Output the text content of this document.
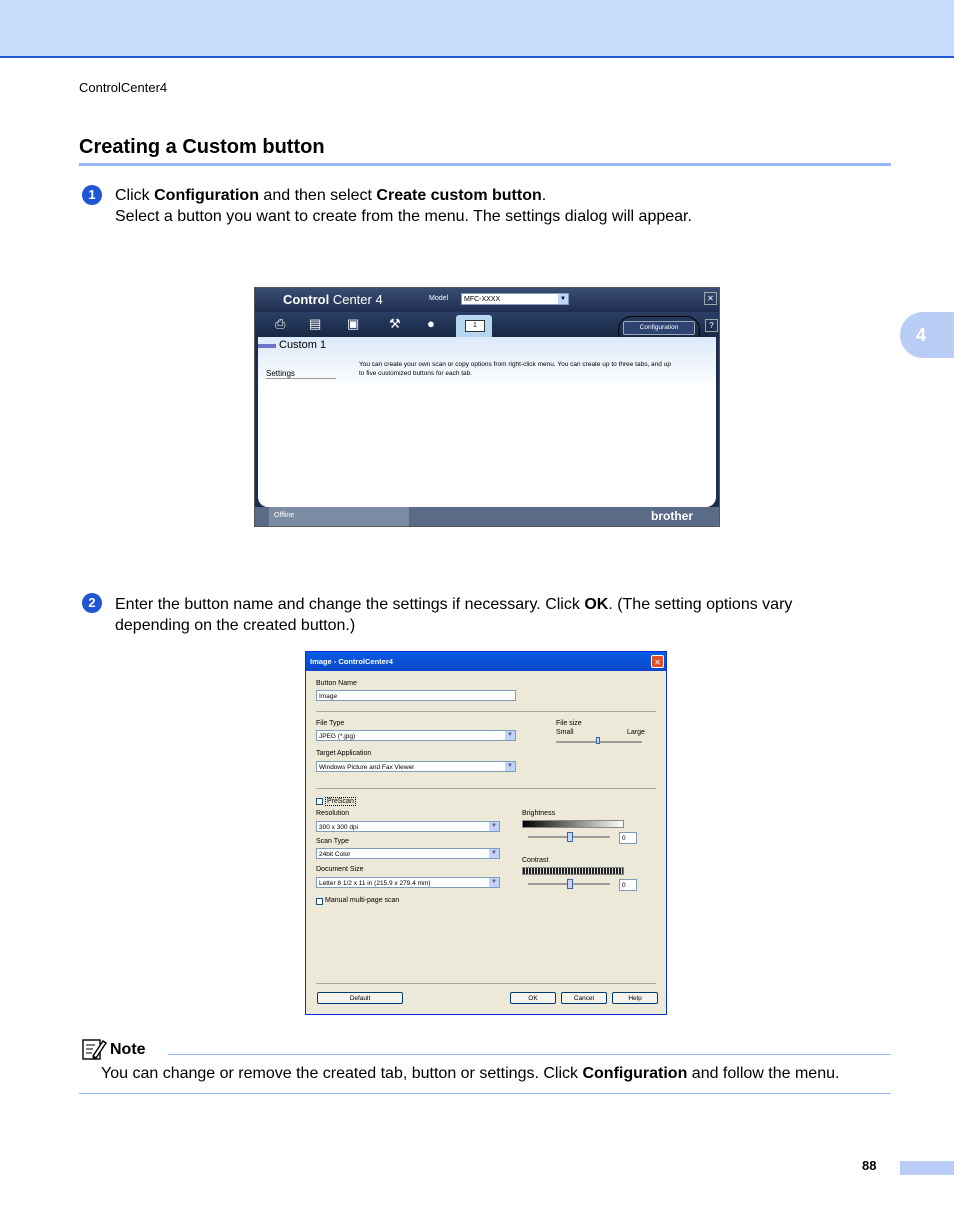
ControlCenter4
4
Creating a Custom button
1	Click Configuration and then select Create custom button.
Select a button you want to create from the menu. The settings dialog will appear.
Control Center 4	Model	MFC-XXXX	▼	✕
⎙ ▤ ▣ ⚒ ●	1	Configuration	?
Custom 1
Settings
You can create your own scan or copy options from right-click menu. You can create up to three tabs, and up
to five customized buttons for each tab.
Offline	brother
2	Enter the button name and change the settings if necessary. Click OK. (The setting options vary
depending on the created button.)
Image - ControlCenter4	✕
Button Name
Image
File Type
JPEG (*.jpg)	▼
File size
Small	Large
Target Application
Windows Picture and Fax Viewer	▼
PreScan
Resolution
300 x 300 dpi	▼
Scan Type
24bit Color	▼
Document Size
Letter 8 1/2 x 11 in (215.9 x 279.4 mm)	▼
Manual multi-page scan
Brightness
0
Contrast
0
Default	OK	Cancel	Help
Note
You can change or remove the created tab, button or settings. Click Configuration and follow the menu.
88
